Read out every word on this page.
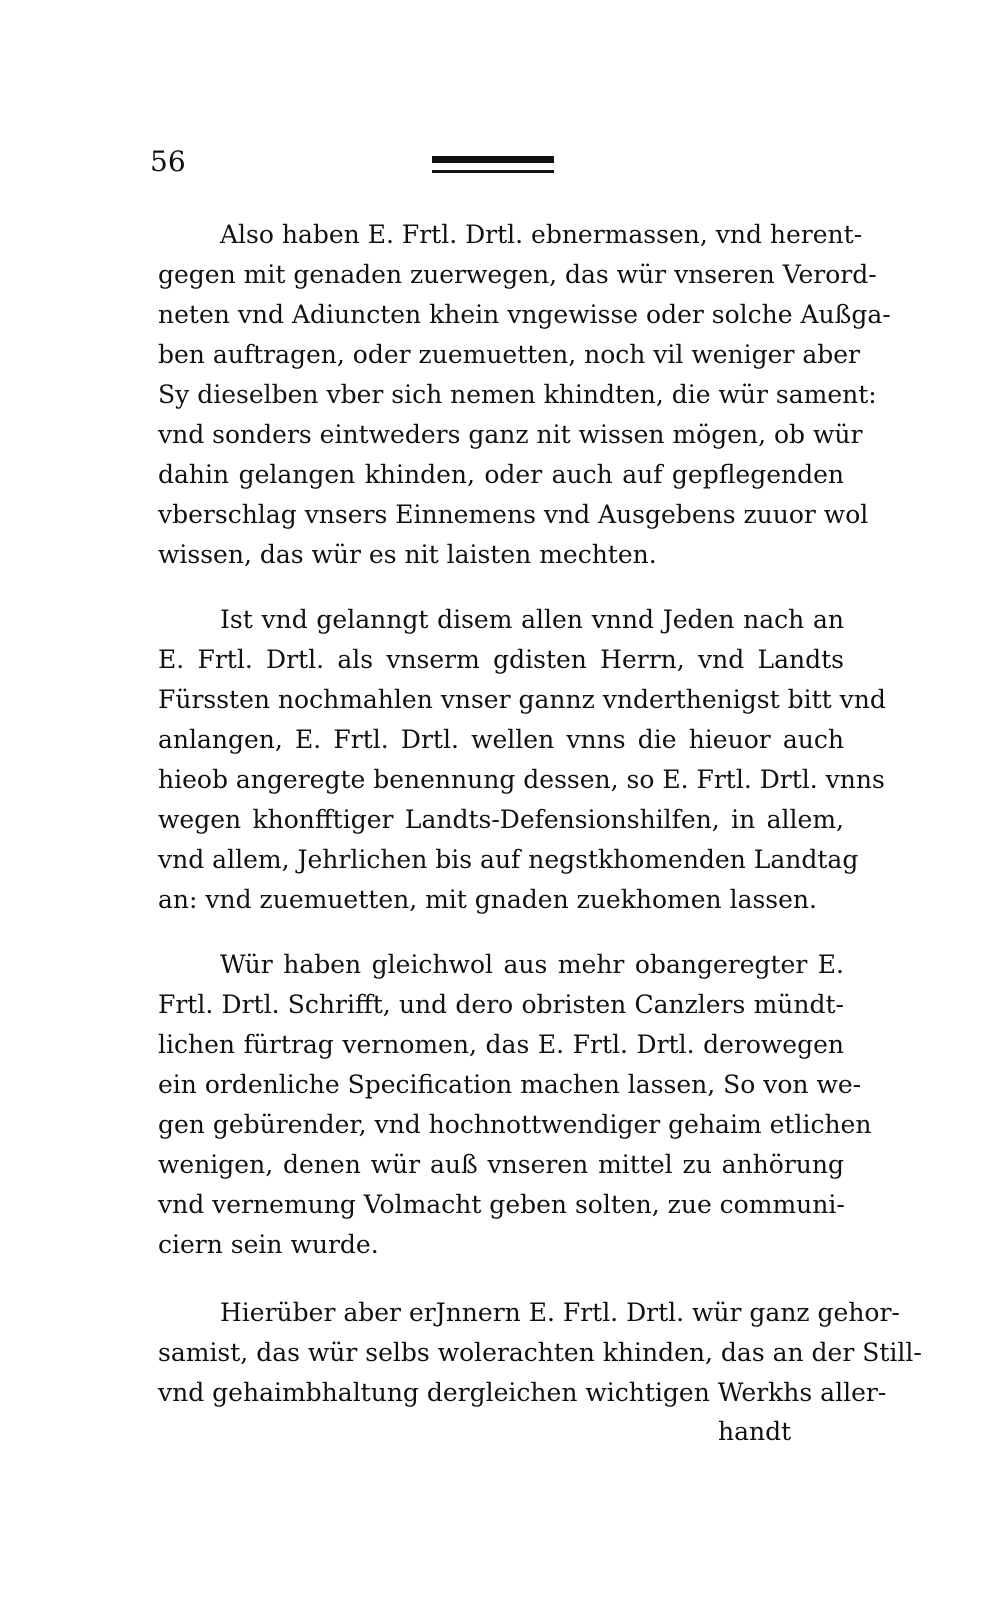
56
Also haben E. Frtl. Drtl. ebnermassen, vnd herent-
gegen mit genaden zuerwegen, das wür vnseren Verord-
neten vnd Adiuncten khein vngewisse oder solche Außga-
ben auftragen, oder zuemuetten, noch vil weniger aber
Sy dieselben vber sich nemen khindten, die wür sament:
vnd sonders eintweders ganz nit wissen mögen, ob wür
dahin gelangen khinden, oder auch auf gepflegenden
vberschlag vnsers Einnemens vnd Ausgebens zuuor wol
wissen, das wür es nit laisten mechten.
Ist vnd gelanngt disem allen vnnd Jeden nach an
E. Frtl. Drtl. als vnserm gdisten Herrn, vnd Landts
Fürssten nochmahlen vnser gannz vnderthenigst bitt vnd
anlangen, E. Frtl. Drtl. wellen vnns die hieuor auch
hieob angeregte benennung dessen, so E. Frtl. Drtl. vnns
wegen khonfftiger Landts-Defensionshilfen, in allem,
vnd allem, Jehrlichen bis auf negstkhomenden Landtag
an: vnd zuemuetten, mit gnaden zuekhomen lassen.
Wür haben gleichwol aus mehr obangeregter E.
Frtl. Drtl. Schrifft, und dero obristen Canzlers mündt-
lichen fürtrag vernomen, das E. Frtl. Drtl. derowegen
ein ordenliche Specification machen lassen, So von we-
gen gebürender, vnd hochnottwendiger gehaim etlichen
wenigen, denen wür auß vnseren mittel zu anhörung
vnd vernemung Volmacht geben solten, zue communi-
ciern sein wurde.
Hierüber aber erJnnern E. Frtl. Drtl. wür ganz gehor-
samist, das wür selbs wolerachten khinden, das an der Still-
vnd gehaimbhaltung dergleichen wichtigen Werkhs aller-
handt
